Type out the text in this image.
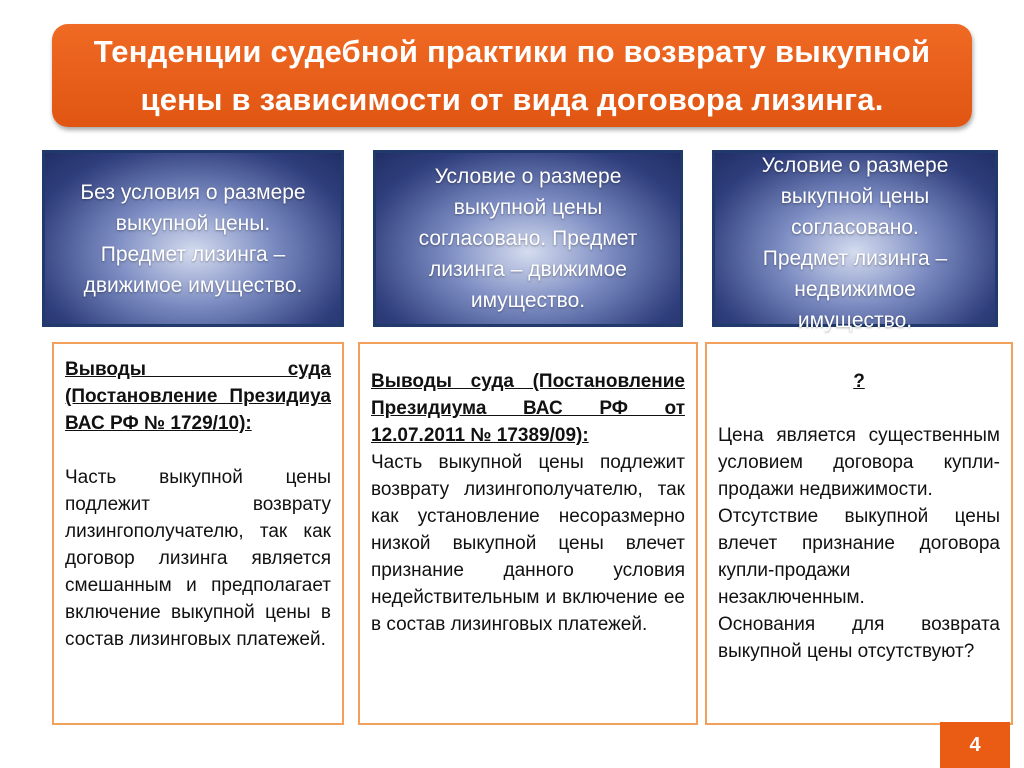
Тенденции судебной практики по возврату выкупной
цены в зависимости от вида договора лизинга.
Без условия о размере
выкупной цены.
Предмет лизинга –
движимое имущество.
Условие о размере
выкупной цены
согласовано. Предмет
лизинга – движимое
имущество.
Условие о размере
выкупной цены
согласовано.
Предмет лизинга –
недвижимое
имущество.
Выводы суда (Постановление Президиуа ВАС РФ № 1729/10):
Часть выкупной цены подлежит возврату лизингополучателю, так как договор лизинга является смешанным и предполагает включение выкупной цены в состав лизинговых платежей.
Выводы суда (Постановление Президиума ВАС РФ от 12.07.2011 № 17389/09):
Часть выкупной цены подлежит возврату лизингополучателю, так как установление несоразмерно низкой выкупной цены влечет признание данного условия недействительным и включение ее в состав лизинговых платежей.
?
Цена является существенным условием договора купли-продажи недвижимости.
Отсутствие выкупной цены влечет признание договора купли-продажи незаключенным.
Основания для возврата выкупной цены отсутствуют?
4
